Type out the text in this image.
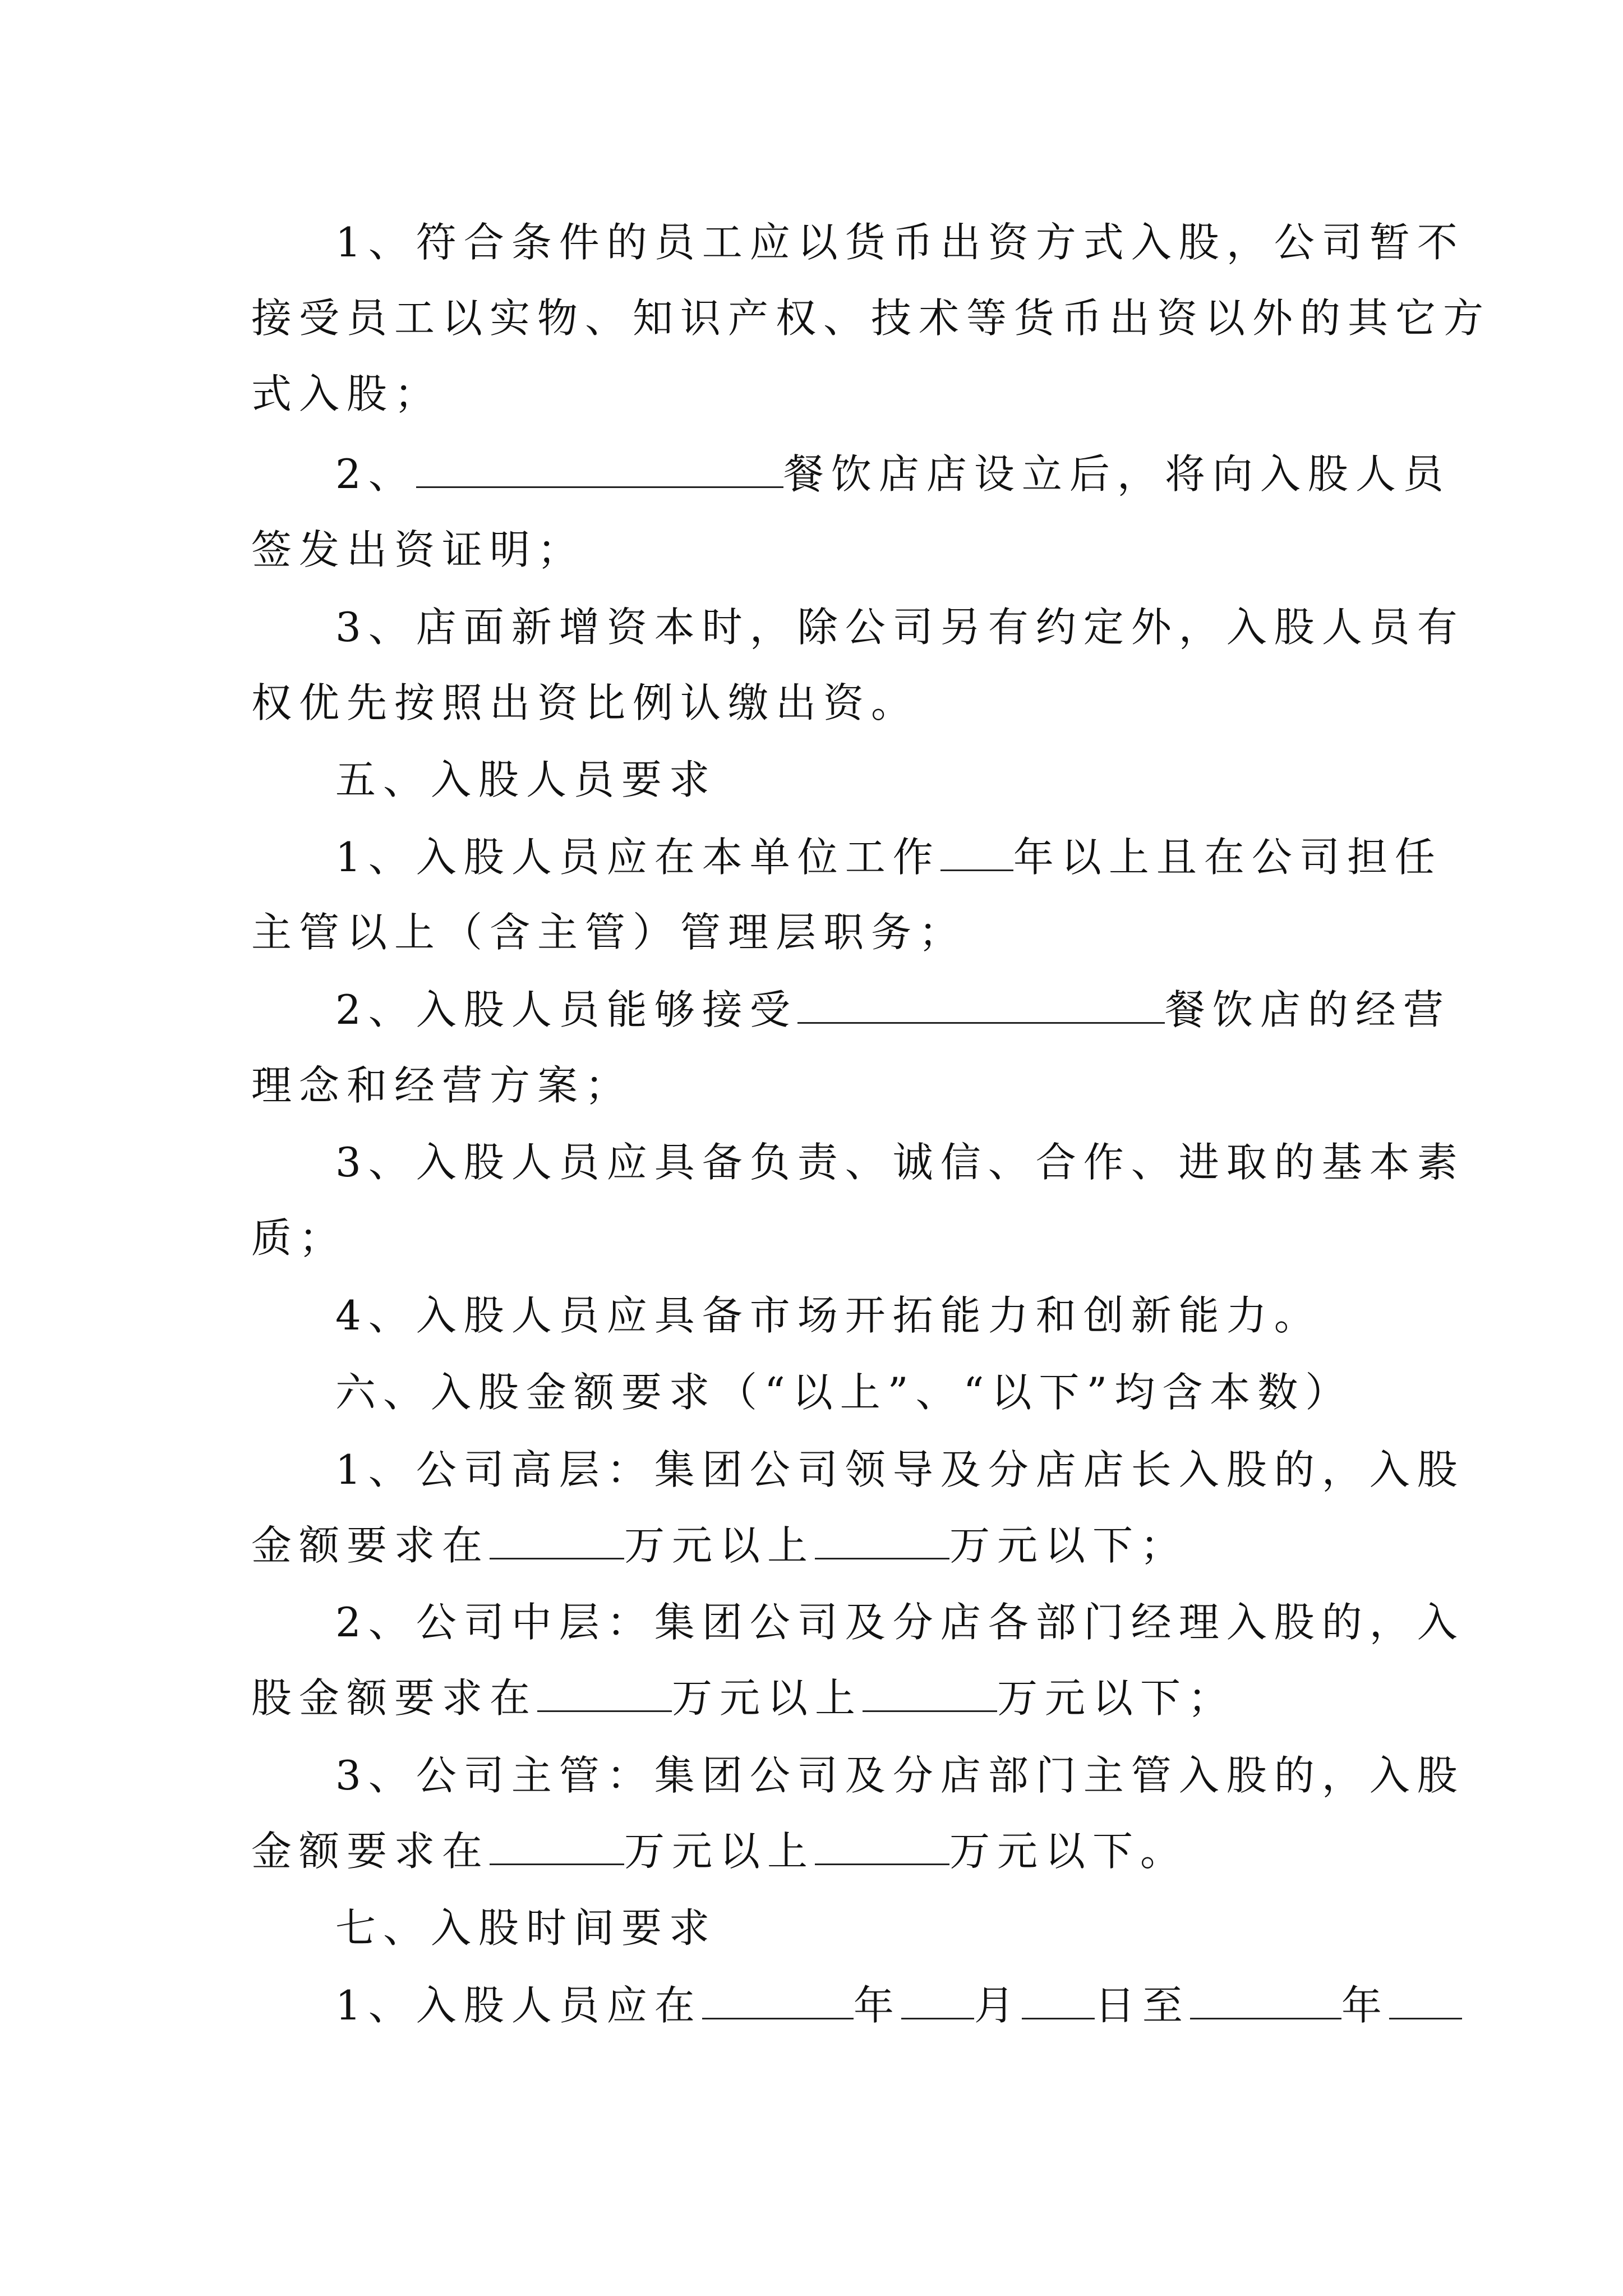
1、符合条件的员工应以货币出资方式入股，公司暂不
接受员工以实物、知识产权、技术等货币出资以外的其它方
式入股；
2、	餐饮店店设立后，将向入股人员
签发出资证明；
3、店面新增资本时，除公司另有约定外，入股人员有
权优先按照出资比例认缴出资。
五、入股人员要求
1、入股人员应在本单位工作 年以上且在公司担任
主管以上（含主管）管理层职务；
2、入股人员能够接受	餐饮店的经营
理念和经营方案；
3、入股人员应具备负责、诚信、合作、进取的基本素
质；
4、入股人员应具备市场开拓能力和创新能力。
六、入股金额要求（“以上”、“以下”均含本数）
1、公司高层：集团公司领导及分店店长入股的，入股
金额要求在	万元以上	万元以下；
2、公司中层：集团公司及分店各部门经理入股的，入
股金额要求在	万元以上	万元以下；
3、公司主管：集团公司及分店部门主管入股的，入股
金额要求在	万元以上	万元以下。
七、入股时间要求
1、入股人员应在	年 月 日至	年
